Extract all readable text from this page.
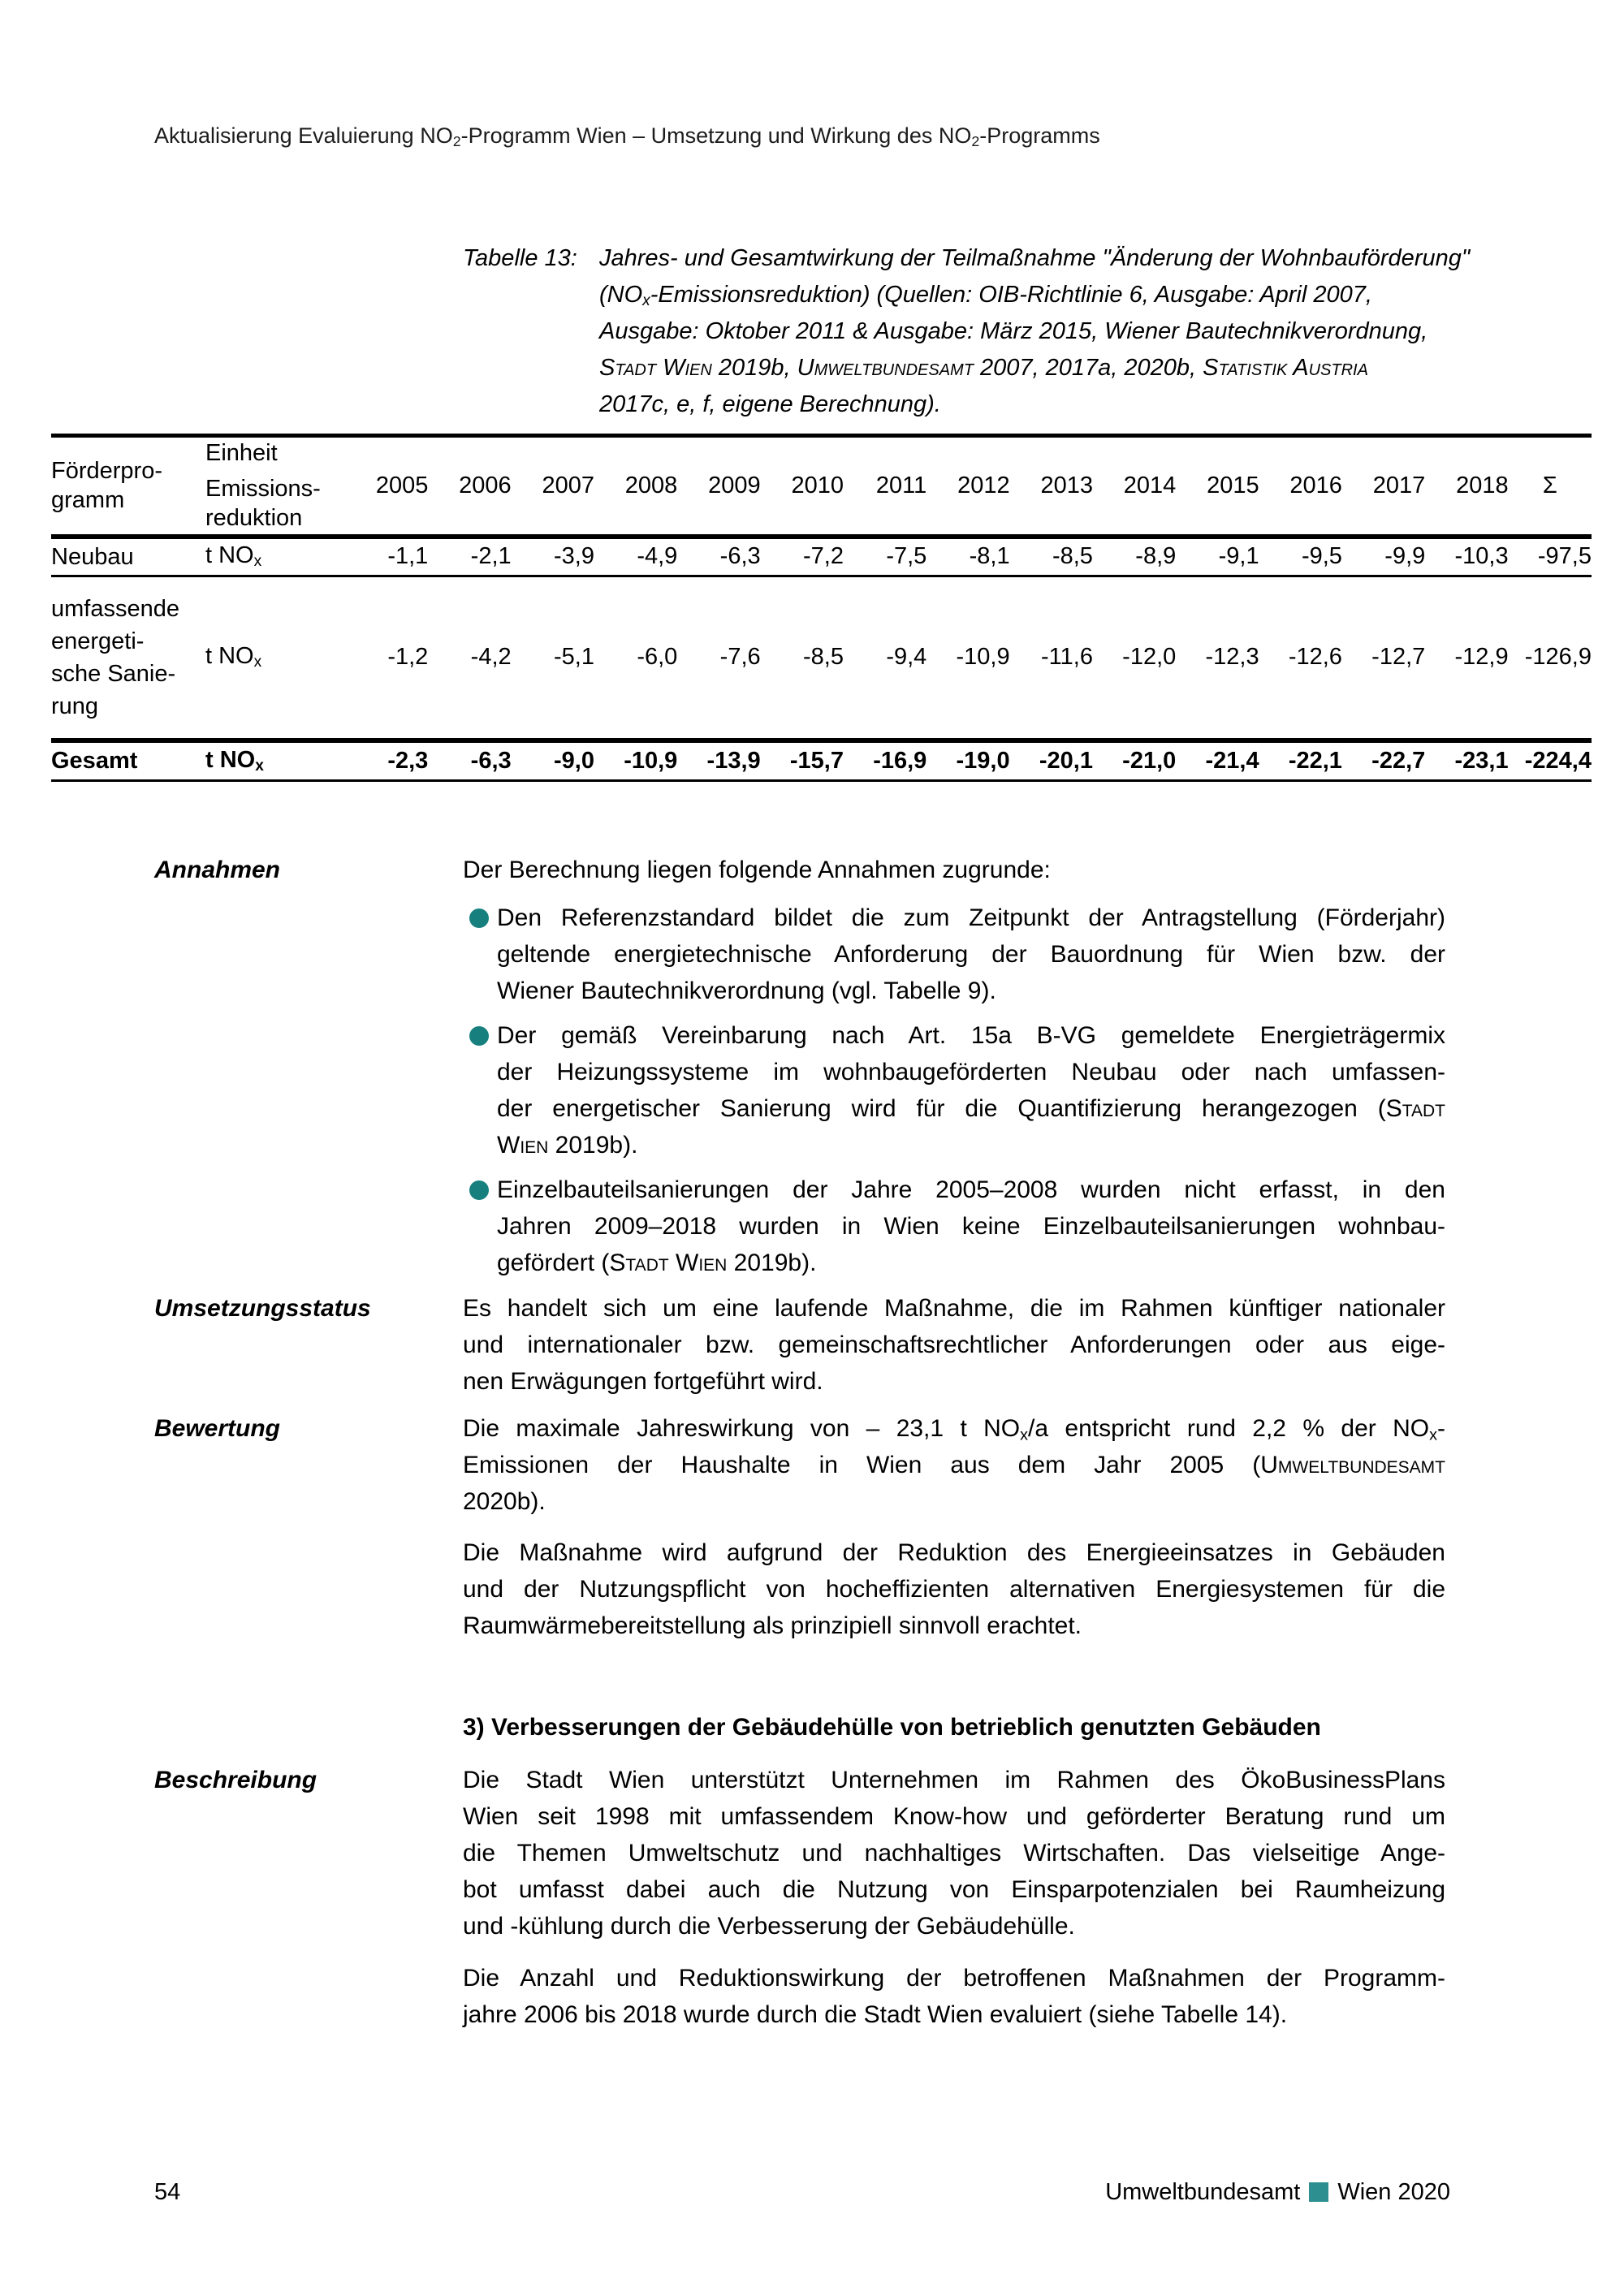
Aktualisierung Evaluierung $NO_2$-Programm Wien – Umsetzung und Wirkung des $NO_2$-Programms
Tabelle 13: Jahres- und Gesamtwirkung der Teilmaßnahme "Änderung der Wohnbauförderung"
$(NO_x-Emissionsreduktion)$ (Quellen: OIB-Richtlinie 6, Ausgabe: April 2007,
Ausgabe: Oktober 2011 & Ausgabe: März 2015, Wiener Bautechnikverordnung,
Stadt Wien 2019b, Umweltbundesamt 2007, 2017a, 2020b, Statistik Austria
2017c, e, f, eigene Berechnung).
Förderpro-
gramm

Einheit
Emissions-
reduktion
	2005	2006	2007	2008	2009	2010	2011	2012	2013	2014	2015	2016	2017	2018	Σ

Neubau	t $NO_x$	-1,1	-2,1	-3,9	-4,9	-6,3	-7,2	-7,5	-8,1	-8,5	-8,9	-9,1	-9,5	-9,9	-10,3	-97,5

umfassende
energeti-
sche Sanie-
rung	t $NO_x$	-1,2	-4,2	-5,1	-6,0	-7,6	-8,5	-9,4	-10,9	-11,6	-12,0	-12,3	-12,6	-12,7	-12,9	-126,9

Gesamt	t $NO_x$	-2,3	-6,3	-9,0	-10,9	-13,9	-15,7	-16,9	-19,0	-20,1	-21,0	-21,4	-22,1	-22,7	-23,1	-224,4
Annahmen	Der Berechnung liegen folgende Annahmen zugrunde:
Den Referenzstandard bildet die zum Zeitpunkt der Antragstellung (Förderjahr)
geltende energietechnische Anforderung der Bauordnung für Wien bzw. der
Wiener Bautechnikverordnung (vgl. Tabelle 9).
Der gemäß Vereinbarung nach Art. 15a B-VG gemeldete Energieträgermix
der Heizungssysteme im wohnbaugeförderten Neubau oder nach umfassen-
der energetischer Sanierung wird für die Quantifizierung herangezogen (Stadt
Wien 2019b).
Einzelbauteilsanierungen der Jahre 2005–2008 wurden nicht erfasst, in den
Jahren 2009–2018 wurden in Wien keine Einzelbauteilsanierungen wohnbau-
gefördert (Stadt Wien 2019b).
Umsetzungsstatus	Es handelt sich um eine laufende Maßnahme, die im Rahmen künftiger nationaler
und internationaler bzw. gemeinschaftsrechtlicher Anforderungen oder aus eige-
nen Erwägungen fortgeführt wird.
Bewertung	Die maximale Jahreswirkung von – 23,1 t $NO_x/a$ entspricht rund 2,2 % der $NO_x-$
Emissionen der Haushalte in Wien aus dem Jahr 2005 (Umweltbundesamt
2020b).
Die Maßnahme wird aufgrund der Reduktion des Energieeinsatzes in Gebäuden
und der Nutzungspflicht von hocheffizienten alternativen Energiesystemen für die
Raumwärmebereitstellung als prinzipiell sinnvoll erachtet.
3) Verbesserungen der Gebäudehülle von betrieblich genutzten Gebäuden
Beschreibung	Die Stadt Wien unterstützt Unternehmen im Rahmen des ÖkoBusinessPlans
Wien seit 1998 mit umfassendem Know-how und geförderter Beratung rund um
die Themen Umweltschutz und nachhaltiges Wirtschaften. Das vielseitige Ange-
bot umfasst dabei auch die Nutzung von Einsparpotenzialen bei Raumheizung
und -kühlung durch die Verbesserung der Gebäudehülle.
Die Anzahl und Reduktionswirkung der betroffenen Maßnahmen der Programm-
jahre 2006 bis 2018 wurde durch die Stadt Wien evaluiert (siehe Tabelle 14).
54	Umweltbundesamt Wien 2020
